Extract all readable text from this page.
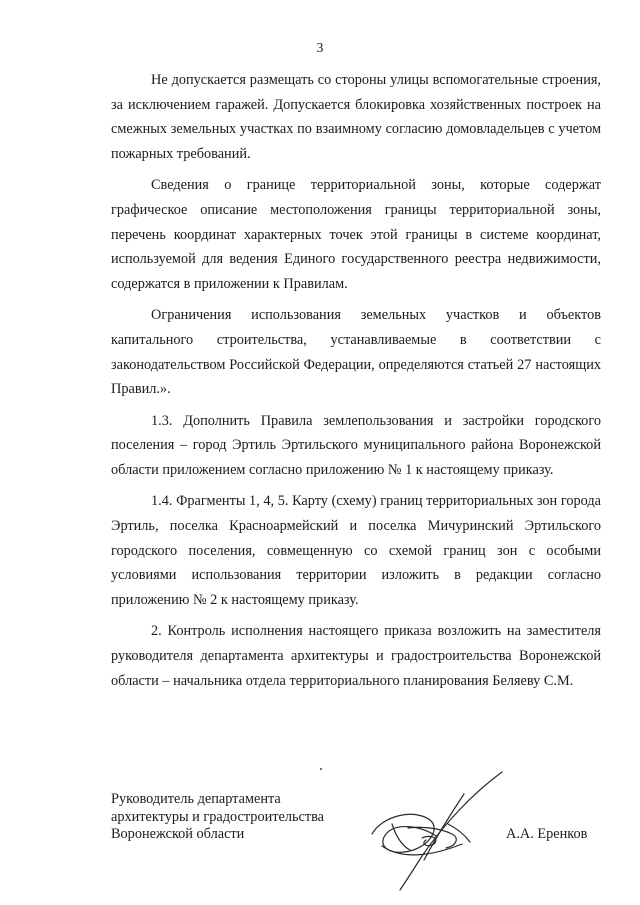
3

Не допускается размещать со стороны улицы вспомогательные строения, за исключением гаражей. Допускается блокировка хозяйственных построек на смежных земельных участках по взаимному согласию домовладельцев с учетом пожарных требований.

Сведения о границе территориальной зоны, которые содержат графическое описание местоположения границы территориальной зоны, перечень координат характерных точек этой границы в системе координат, используемой для ведения Единого государственного реестра недвижимости, содержатся в приложении к Правилам.

Ограничения использования земельных участков и объектов капитального строительства, устанавливаемые в соответствии с законодательством Российской Федерации, определяются статьей 27 настоящих Правил.».

1.3. Дополнить Правила землепользования и застройки городского поселения – город Эртиль Эртильского муниципального района Воронежской области приложением согласно приложению № 1 к настоящему приказу.

1.4. Фрагменты 1, 4, 5. Карту (схему) границ территориальных зон города Эртиль, поселка Красноармейский и поселка Мичуринский Эртильского городского поселения, совмещенную со схемой границ зон с особыми условиями использования территории изложить в редакции согласно приложению № 2 к настоящему приказу.

2. Контроль исполнения настоящего приказа возложить на заместителя руководителя департамента архитектуры и градостроительства Воронежской области – начальника отдела территориального планирования Беляеву С.М.

Руководитель департамента
архитектуры и градостроительства
Воронежской области	А.А. Еренков
